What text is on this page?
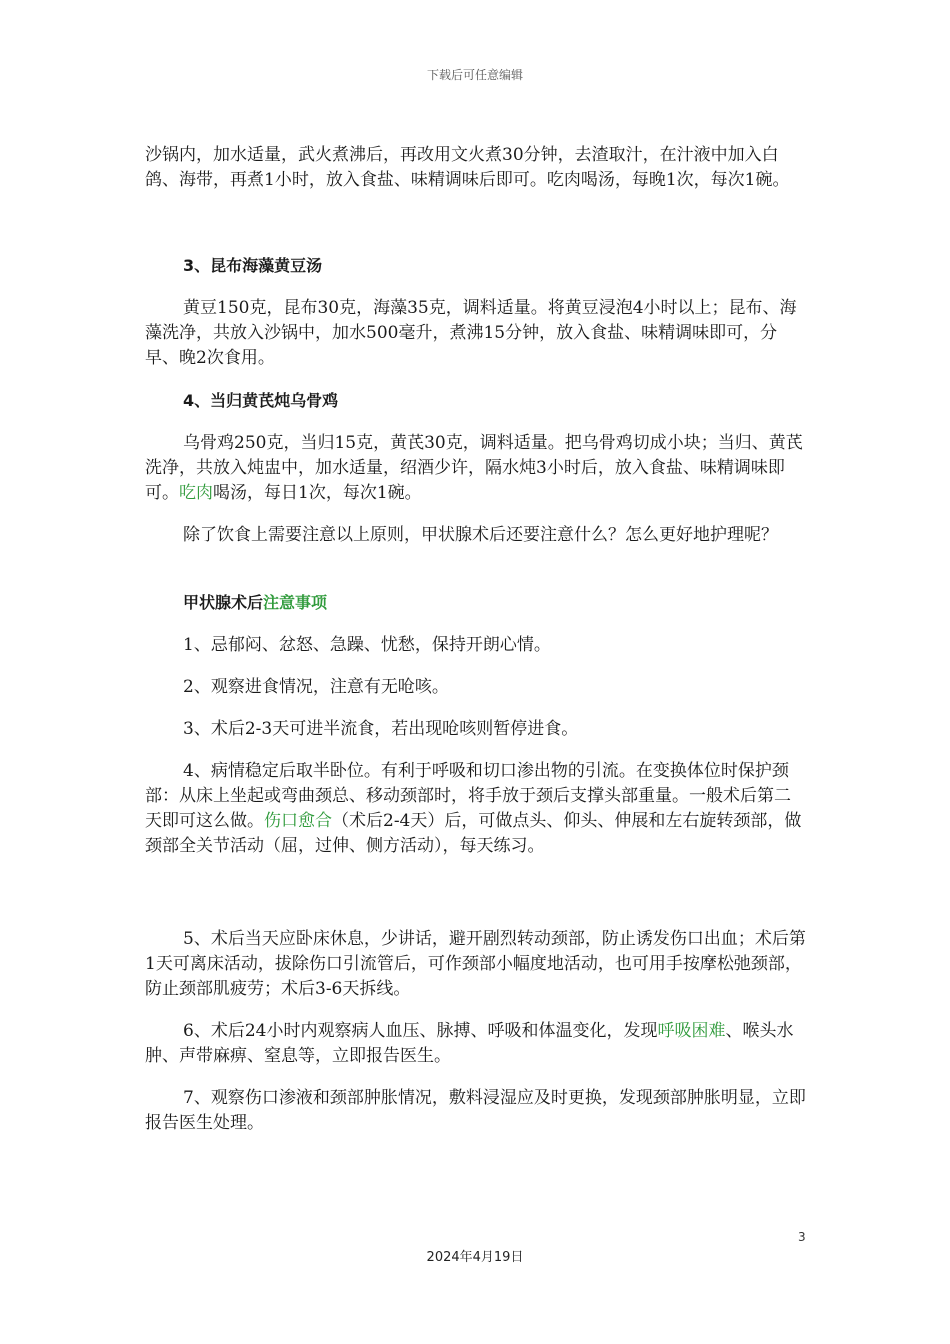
下载后可任意编辑

沙锅内，加水适量，武火煮沸后，再改用文火煮30分钟，去渣取汁，在汁液中加入白鸽、海带，再煮1小时，放入食盐、味精调味后即可。吃肉喝汤，每晚1次，每次1碗。

3、昆布海藻黄豆汤

黄豆150克，昆布30克，海藻35克，调料适量。将黄豆浸泡4小时以上；昆布、海藻洗净，共放入沙锅中，加水500毫升，煮沸15分钟，放入食盐、味精调味即可，分早、晚2次食用。

4、当归黄芪炖乌骨鸡

乌骨鸡250克，当归15克，黄芪30克，调料适量。把乌骨鸡切成小块；当归、黄芪洗净，共放入炖盅中，加水适量，绍酒少许，隔水炖3小时后，放入食盐、味精调味即可。吃肉喝汤，每日1次，每次1碗。

除了饮食上需要注意以上原则，甲状腺术后还要注意什么？怎么更好地护理呢？

甲状腺术后注意事项

1、忌郁闷、忿怒、急躁、忧愁，保持开朗心情。

2、观察进食情况，注意有无呛咳。

3、术后2-3天可进半流食，若出现呛咳则暂停进食。

4、病情稳定后取半卧位。有利于呼吸和切口渗出物的引流。在变换体位时保护颈部：从床上坐起或弯曲颈总、移动颈部时，将手放于颈后支撑头部重量。一般术后第二天即可这么做。伤口愈合（术后2-4天）后，可做点头、仰头、伸展和左右旋转颈部，做颈部全关节活动（屈，过伸、侧方活动），每天练习。

5、术后当天应卧床休息，少讲话，避开剧烈转动颈部，防止诱发伤口出血；术后第1天可离床活动，拔除伤口引流管后，可作颈部小幅度地活动，也可用手按摩松弛颈部，防止颈部肌疲劳；术后3-6天拆线。

6、术后24小时内观察病人血压、脉搏、呼吸和体温变化，发现呼吸困难、喉头水肿、声带麻痹、窒息等，立即报告医生。

7、观察伤口渗液和颈部肿胀情况，敷料浸湿应及时更换，发现颈部肿胀明显，立即报告医生处理。

3
2024年4月19日
